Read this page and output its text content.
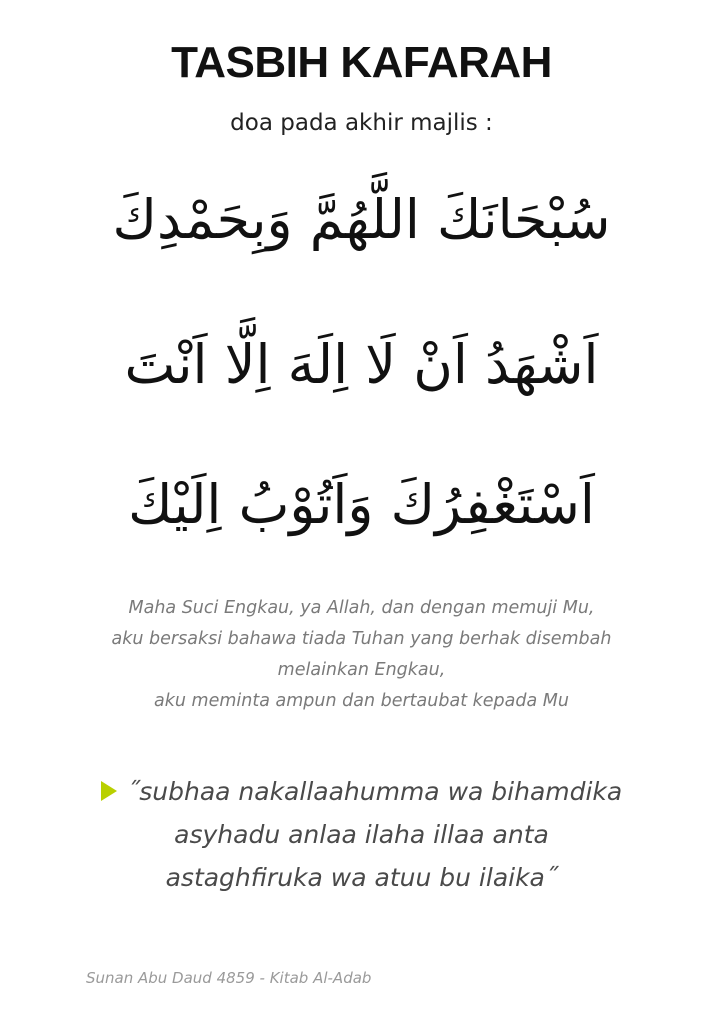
TASBIH KAFARAH
doa pada akhir majlis :
سُبْحَانَكَ اللَّهُمَّ وَبِحَمْدِكَ
اَشْهَدُ اَنْ لَا اِلَهَ اِلَّا اَنْتَ
اَسْتَغْفِرُكَ وَاَتُوْبُ اِلَيْكَ
Maha Suci Engkau, ya Allah, dan dengan memuji Mu,
aku bersaksi bahawa tiada Tuhan yang berhak disembah
melainkan Engkau,
aku meminta ampun dan bertaubat kepada Mu
˝subhaa nakallaahumma wa bihamdika
asyhadu anlaa ilaha illaa anta
astaghfiruka wa atuu bu ilaika˝
Sunan Abu Daud 4859 - Kitab Al-Adab
